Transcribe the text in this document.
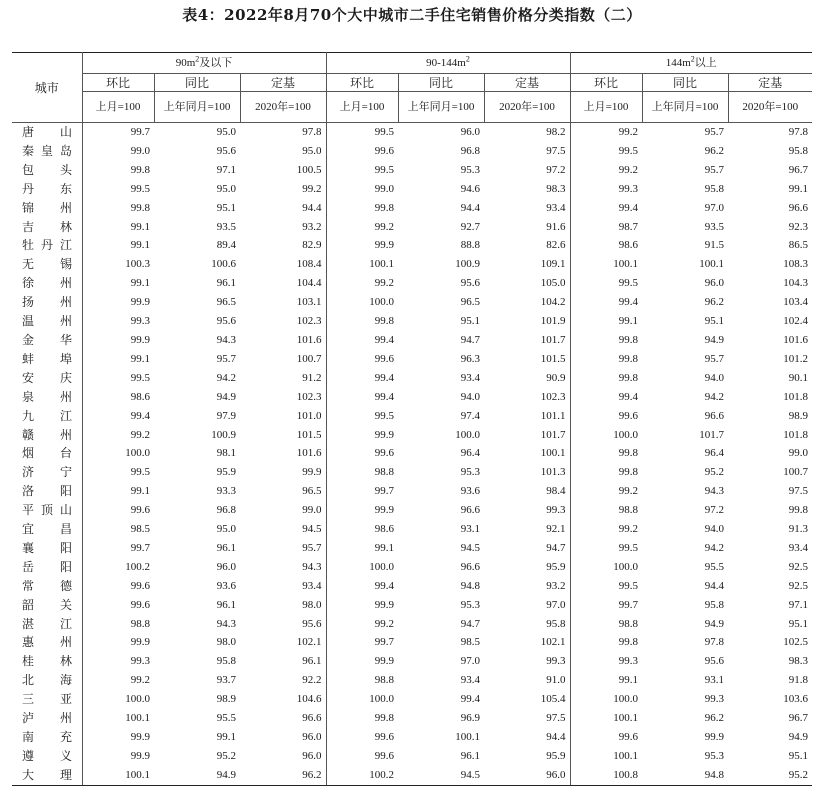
表4：2022年8月70个大中城市二手住宅销售价格分类指数（二）
城市	$90m^2$及以下			$90-144m^2$			$144m^2$以上		
	环比	同比	定基	环比	同比	定基	环比	同比	定基
	上月=100	上年同月=100	2020年=100	上月=100	上年同月=100	2020年=100	上月=100	上年同月=100	2020年=100
唐山	99.7	95.0	97.8	99.5	96.0	98.2	99.2	95.7	97.8
秦皇岛	99.0	95.6	95.0	99.6	96.8	97.5	99.5	96.2	95.8
包头	99.8	97.1	100.5	99.5	95.3	97.2	99.2	95.7	96.7
丹东	99.5	95.0	99.2	99.0	94.6	98.3	99.3	95.8	99.1
锦州	99.8	95.1	94.4	99.8	94.4	93.4	99.4	97.0	96.6
吉林	99.1	93.5	93.2	99.2	92.7	91.6	98.7	93.5	92.3
牡丹江	99.1	89.4	82.9	99.9	88.8	82.6	98.6	91.5	86.5
无锡	100.3	100.6	108.4	100.1	100.9	109.1	100.1	100.1	108.3
徐州	99.1	96.1	104.4	99.2	95.6	105.0	99.5	96.0	104.3
扬州	99.9	96.5	103.1	100.0	96.5	104.2	99.4	96.2	103.4
温州	99.3	95.6	102.3	99.8	95.1	101.9	99.1	95.1	102.4
金华	99.9	94.3	101.6	99.4	94.7	101.7	99.8	94.9	101.6
蚌埠	99.1	95.7	100.7	99.6	96.3	101.5	99.8	95.7	101.2
安庆	99.5	94.2	91.2	99.4	93.4	90.9	99.8	94.0	90.1
泉州	98.6	94.9	102.3	99.4	94.0	102.3	99.4	94.2	101.8
九江	99.4	97.9	101.0	99.5	97.4	101.1	99.6	96.6	98.9
赣州	99.2	100.9	101.5	99.9	100.0	101.7	100.0	101.7	101.8
烟台	100.0	98.1	101.6	99.6	96.4	100.1	99.8	96.4	99.0
济宁	99.5	95.9	99.9	98.8	95.3	101.3	99.8	95.2	100.7
洛阳	99.1	93.3	96.5	99.7	93.6	98.4	99.2	94.3	97.5
平顶山	99.6	96.8	99.0	99.9	96.6	99.3	98.8	97.2	99.8
宜昌	98.5	95.0	94.5	98.6	93.1	92.1	99.2	94.0	91.3
襄阳	99.7	96.1	95.7	99.1	94.5	94.7	99.5	94.2	93.4
岳阳	100.2	96.0	94.3	100.0	96.6	95.9	100.0	95.5	92.5
常德	99.6	93.6	93.4	99.4	94.8	93.2	99.5	94.4	92.5
韶关	99.6	96.1	98.0	99.9	95.3	97.0	99.7	95.8	97.1
湛江	98.8	94.3	95.6	99.2	94.7	95.8	98.8	94.9	95.1
惠州	99.9	98.0	102.1	99.7	98.5	102.1	99.8	97.8	102.5
桂林	99.3	95.8	96.1	99.9	97.0	99.3	99.3	95.6	98.3
北海	99.2	93.7	92.2	98.8	93.4	91.0	99.1	93.1	91.8
三亚	100.0	98.9	104.6	100.0	99.4	105.4	100.0	99.3	103.6
泸州	100.1	95.5	96.6	99.8	96.9	97.5	100.1	96.2	96.7
南充	99.9	99.1	96.0	99.6	100.1	94.4	99.6	99.9	94.9
遵义	99.9	95.2	96.0	99.6	96.1	95.9	100.1	95.3	95.1
大理	100.1	94.9	96.2	100.2	94.5	96.0	100.8	94.8	95.2
